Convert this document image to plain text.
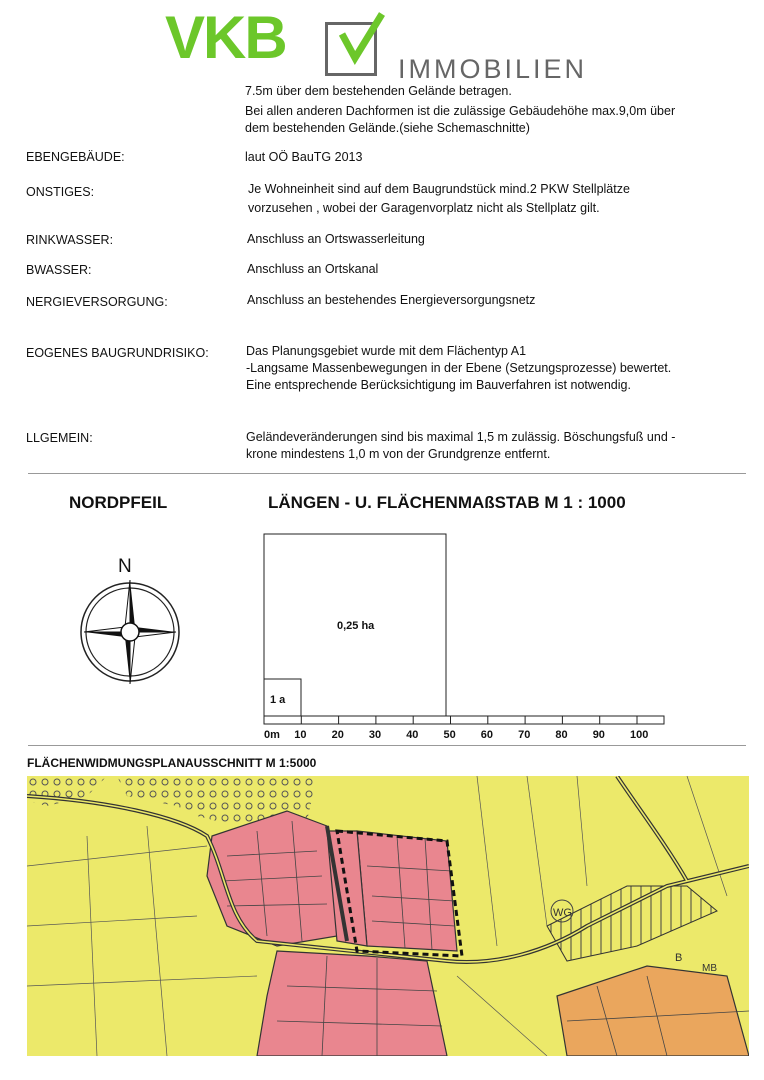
VKB	IMMOBILIEN
7.5m über dem bestehenden Gelände betragen.
Bei allen anderen Dachformen ist die zulässige Gebäudehöhe max.9,0m über
dem bestehenden Gelände.(siehe Schemaschnitte)
EBENGEBÄUDE:	laut OÖ BauTG 2013
ONSTIGES:	Je Wohneinheit sind auf dem Baugrundstück mind.2 PKW Stellplätze
vorzusehen , wobei der Garagenvorplatz nicht als Stellplatz gilt.
RINKWASSER:	Anschluss an Ortswasserleitung
BWASSER:	Anschluss an Ortskanal
NERGIEVERSORGUNG:	Anschluss an bestehendes Energieversorgungsnetz
EOGENES BAUGRUNDRISIKO:	Das Planungsgebiet wurde mit dem Flächentyp A1
-Langsame Massenbewegungen in der Ebene (Setzungsprozesse) bewertet.
Eine entsprechende Berücksichtigung im Bauverfahren ist notwendig.
LLGEMEIN:	Geländeveränderungen sind bis maximal 1,5 m zulässig. Böschungsfuß und -
krone mindestens 1,0 m von der Grundgrenze entfernt.
NORDPFEIL	LÄNGEN - U. FLÄCHENMAßSTAB M 1 : 1000
N
0,25 ha
1 a
0m 10 20 30 40 50 60 70 80 90 100
FLÄCHENWIDMUNGSPLANAUSSCHNITT M 1:5000
WG
B
MB
